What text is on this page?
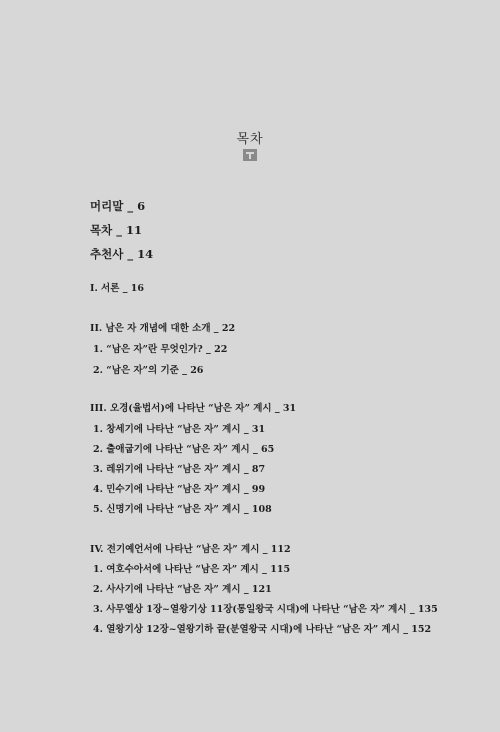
목차
머리말 _ 6
목차 _ 11
추천사 _ 14
I. 서론 _ 16
II. 남은 자 개념에 대한 소개 _ 22
1. “남은 자”란 무엇인가? _ 22
2. “남은 자”의 기준 _ 26
III. 오경(율법서)에 나타난 “남은 자” 계시 _ 31
1. 창세기에 나타난 “남은 자” 계시 _ 31
2. 출애굽기에 나타난 “남은 자” 계시 _ 65
3. 레위기에 나타난 “남은 자” 계시 _ 87
4. 민수기에 나타난 “남은 자” 계시 _ 99
5. 신명기에 나타난 “남은 자” 계시 _ 108
IV. 전기예언서에 나타난 “남은 자” 계시 _ 112
1. 여호수아서에 나타난 “남은 자” 계시 _ 115
2. 사사기에 나타난 “남은 자” 계시 _ 121
3. 사무엘상 1장~열왕기상 11장(통일왕국 시대)에 나타난 “남은 자” 계시 _ 135
4. 열왕기상 12장~열왕기하 끝(분열왕국 시대)에 나타난 “남은 자” 계시 _ 152
